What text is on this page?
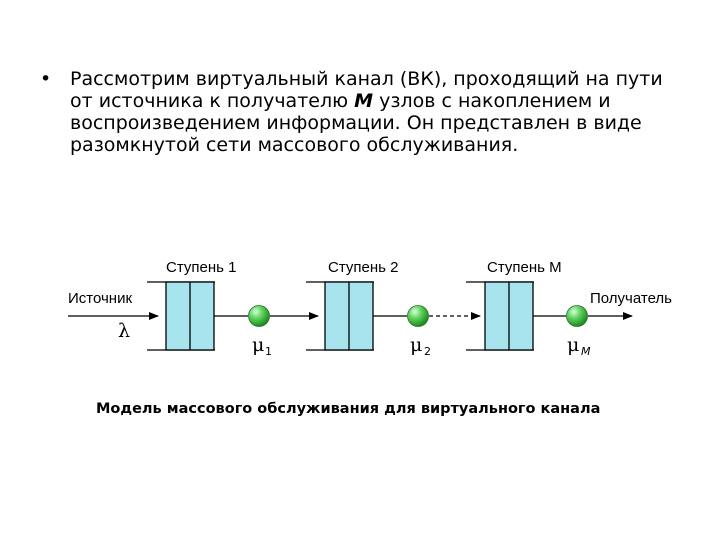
• Рассмотрим виртуальный канал (ВК), проходящий на пути от источника к получателю M узлов с накоплением и воспроизведением информации. Он представлен в виде разомкнутой сети массового обслуживания.
Ступень 1	Ступень 2	Ступень M
Источник
λ
μ 1	μ 2	μ M
Получатель
Модель массового обслуживания для виртуального канала
